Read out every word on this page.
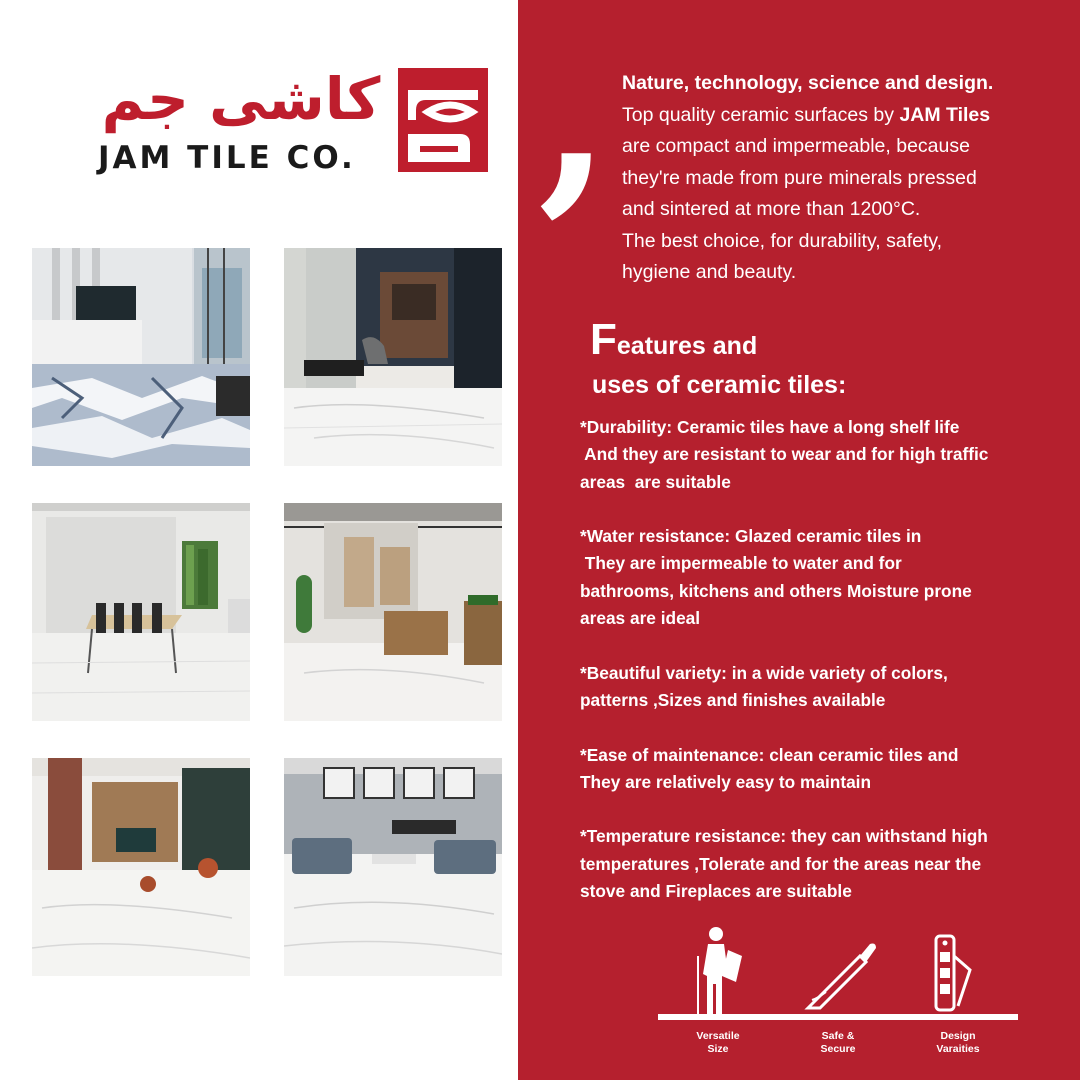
کاشی جم
JAM TILE CO. , Nature, technology, science and design.

Top quality ceramic surfaces by JAM Tiles

are compact and impermeable, because

they're made from pure minerals pressed

and sintered at more than 1200°C.

The best choice, for durability, safety,

hygiene and beauty.

Features and
uses of ceramic tiles:

*Durability: Ceramic tiles have a long shelf life

And they are resistant to wear and for high traffic

areas  are suitable

*Water resistance: Glazed ceramic tiles in

They are impermeable to water and for

bathrooms, kitchens and others Moisture prone

areas are ideal

*Beautiful variety: in a wide variety of colors,

patterns ,Sizes and finishes available

*Ease of maintenance: clean ceramic tiles and

They are relatively easy to maintain

*Temperature resistance: they can withstand high

temperatures ,Tolerate and for the areas near the

stove and Fireplaces are suitable

Versatile
Size
Safe &
Secure
Design
Varaities
